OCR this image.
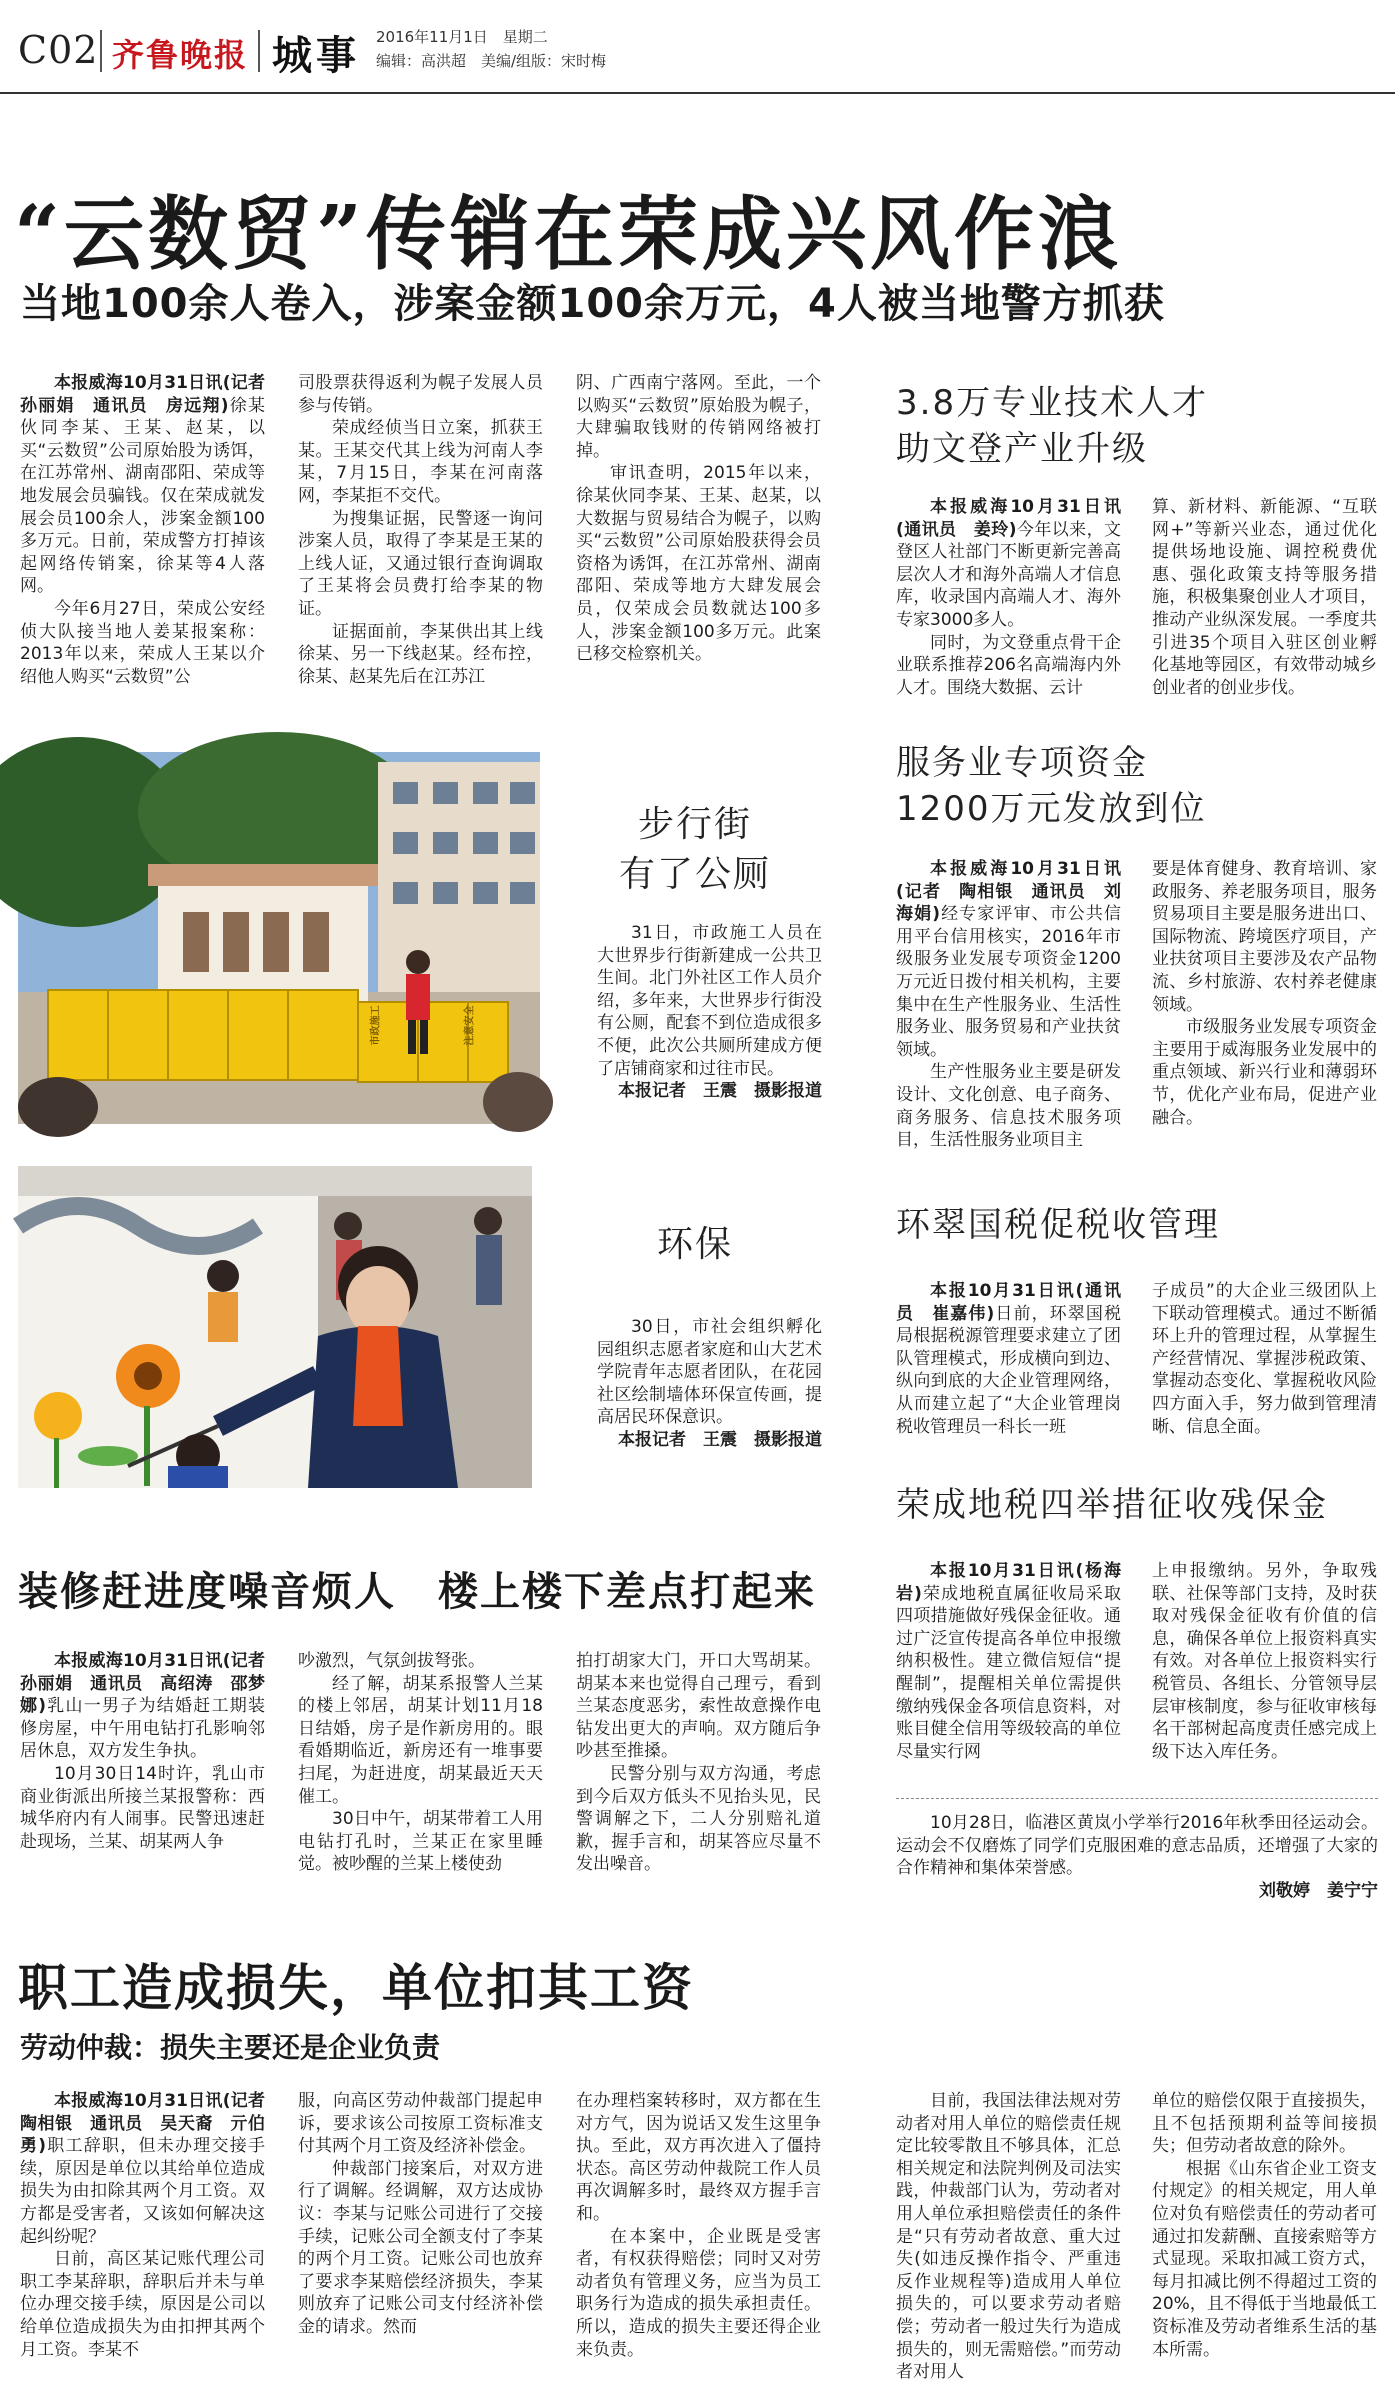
C02 齐鲁晚报 城事 2016年11月1日　星期二
编辑：高洪超　美编/组版：宋时梅
“云数贸”传销在荣成兴风作浪
当地100余人卷入，涉案金额100余万元，4人被当地警方抓获
本报威海10月31日讯(记者　孙丽娟　通讯员　房远翔)徐某伙同李某、王某、赵某，以买“云数贸”公司原始股为诱饵，在江苏常州、湖南邵阳、荣成等地发展会员骗钱。仅在荣成就发展会员100余人，涉案金额100多万元。日前，荣成警方打掉该起网络传销案，徐某等4人落网。
今年6月27日，荣成公安经侦大队接当地人姜某报案称：2013年以来，荣成人王某以介绍他人购买“云数贸”公
司股票获得返利为幌子发展人员参与传销。
荣成经侦当日立案，抓获王某。王某交代其上线为河南人李某，7月15日，李某在河南落网，李某拒不交代。
为搜集证据，民警逐一询问涉案人员，取得了李某是王某的上线人证，又通过银行查询调取了王某将会员费打给李某的物证。
证据面前，李某供出其上线徐某、另一下线赵某。经布控，徐某、赵某先后在江苏江
阴、广西南宁落网。至此，一个以购买“云数贸”原始股为幌子，大肆骗取钱财的传销网络被打掉。
审讯查明，2015年以来，徐某伙同李某、王某、赵某，以大数据与贸易结合为幌子，以购买“云数贸”公司原始股获得会员资格为诱饵，在江苏常州、湖南邵阳、荣成等地方大肆发展会员，仅荣成会员数就达100多人，涉案金额100多万元。此案已移交检察机关。
3.8万专业技术人才
助文登产业升级
本报威海10月31日讯(通讯员　姜玲)今年以来，文登区人社部门不断更新完善高层次人才和海外高端人才信息库，收录国内高端人才、海外专家3000多人。
同时，为文登重点骨干企业联系推荐206名高端海内外人才。围绕大数据、云计
算、新材料、新能源、“互联网+”等新兴业态，通过优化提供场地设施、调控税费优惠、强化政策支持等服务措施，积极集聚创业人才项目，推动产业纵深发展。一季度共引进35个项目入驻区创业孵化基地等园区，有效带动城乡创业者的创业步伐。
市政施工	注意安全
步行街
有了公厕
31日，市政施工人员在大世界步行街新建成一公共卫生间。北门外社区工作人员介绍，多年来，大世界步行街没有公厕，配套不到位造成很多不便，此次公共厕所建成方便了店铺商家和过往市民。
本报记者　王震　摄影报道
环保
30日，市社会组织孵化园组织志愿者家庭和山大艺术学院青年志愿者团队，在花园社区绘制墙体环保宣传画，提高居民环保意识。
本报记者　王震　摄影报道
服务业专项资金
1200万元发放到位
本报威海10月31日讯(记者　陶相银　通讯员　刘海娟)经专家评审、市公共信用平台信用核实，2016年市级服务业发展专项资金1200万元近日拨付相关机构，主要集中在生产性服务业、生活性服务业、服务贸易和产业扶贫领域。
生产性服务业主要是研发设计、文化创意、电子商务、商务服务、信息技术服务项目，生活性服务业项目主
要是体育健身、教育培训、家政服务、养老服务项目，服务贸易项目主要是服务进出口、国际物流、跨境医疗项目，产业扶贫项目主要涉及农产品物流、乡村旅游、农村养老健康领域。
市级服务业发展专项资金主要用于威海服务业发展中的重点领域、新兴行业和薄弱环节，优化产业布局，促进产业融合。
环翠国税促税收管理
本报10月31日讯(通讯员　崔嘉伟)日前，环翠国税局根据税源管理要求建立了团队管理模式，形成横向到边、纵向到底的大企业管理网络，从而建立起了“大企业管理岗税收管理员一科长一班
子成员”的大企业三级团队上下联动管理模式。通过不断循环上升的管理过程，从掌握生产经营情况、掌握涉税政策、掌握动态变化、掌握税收风险四方面入手，努力做到管理清晰、信息全面。
荣成地税四举措征收残保金
本报10月31日讯(杨海岩)荣成地税直属征收局采取四项措施做好残保金征收。通过广泛宣传提高各单位申报缴纳积极性。建立微信短信“提醒制”，提醒相关单位需提供缴纳残保金各项信息资料，对账目健全信用等级较高的单位尽量实行网
上申报缴纳。另外，争取残联、社保等部门支持，及时获取对残保金征收有价值的信息，确保各单位上报资料真实有效。对各单位上报资料实行税管员、各组长、分管领导层层审核制度，参与征收审核每名干部树起高度责任感完成上级下达入库任务。
10月28日，临港区黄岚小学举行2016年秋季田径运动会。运动会不仅磨炼了同学们克服困难的意志品质，还增强了大家的合作精神和集体荣誉感。
刘敬婷　姜宁宁
装修赶进度噪音烦人　楼上楼下差点打起来
本报威海10月31日讯(记者　孙丽娟　通讯员　高绍涛　邵梦娜)乳山一男子为结婚赶工期装修房屋，中午用电钻打孔影响邻居休息，双方发生争执。
10月30日14时许，乳山市商业街派出所接兰某报警称：西城华府内有人闹事。民警迅速赶赴现场，兰某、胡某两人争
吵激烈，气氛剑拔弩张。
经了解，胡某系报警人兰某的楼上邻居，胡某计划11月18日结婚，房子是作新房用的。眼看婚期临近，新房还有一堆事要扫尾，为赶进度，胡某最近天天催工。
30日中午，胡某带着工人用电钻打孔时，兰某正在家里睡觉。被吵醒的兰某上楼使劲
拍打胡家大门，开口大骂胡某。胡某本来也觉得自己理亏，看到兰某态度恶劣，索性故意操作电钻发出更大的声响。双方随后争吵甚至推搡。
民警分别与双方沟通，考虑到今后双方低头不见抬头见，民警调解之下，二人分别赔礼道歉，握手言和，胡某答应尽量不发出噪音。
职工造成损失，单位扣其工资
劳动仲裁：损失主要还是企业负责
本报威海10月31日讯(记者　陶相银　通讯员　吴天裔　亓伯勇)职工辞职，但未办理交接手续，原因是单位以其给单位造成损失为由扣除其两个月工资。双方都是受害者，又该如何解决这起纠纷呢？
日前，高区某记账代理公司职工李某辞职，辞职后并未与单位办理交接手续，原因是公司以给单位造成损失为由扣押其两个月工资。李某不
服，向高区劳动仲裁部门提起申诉，要求该公司按原工资标准支付其两个月工资及经济补偿金。
仲裁部门接案后，对双方进行了调解。经调解，双方达成协议：李某与记账公司进行了交接手续，记账公司全额支付了李某的两个月工资。记账公司也放弃了要求李某赔偿经济损失，李某则放弃了记账公司支付经济补偿金的请求。然而
在办理档案转移时，双方都在生对方气，因为说话又发生这里争执。至此，双方再次进入了僵持状态。高区劳动仲裁院工作人员再次调解多时，最终双方握手言和。
在本案中，企业既是受害者，有权获得赔偿；同时又对劳动者负有管理义务，应当为员工职务行为造成的损失承担责任。所以，造成的损失主要还得企业来负责。
目前，我国法律法规对劳动者对用人单位的赔偿责任规定比较零散且不够具体，汇总相关规定和法院判例及司法实践，仲裁部门认为，劳动者对用人单位承担赔偿责任的条件是“只有劳动者故意、重大过失(如违反操作指令、严重违反作业规程等)造成用人单位损失的，可以要求劳动者赔偿；劳动者一般过失行为造成损失的，则无需赔偿。”而劳动者对用人
单位的赔偿仅限于直接损失，且不包括预期利益等间接损失；但劳动者故意的除外。
根据《山东省企业工资支付规定》的相关规定，用人单位对负有赔偿责任的劳动者可通过扣发薪酬、直接索赔等方式显现。采取扣减工资方式，每月扣减比例不得超过工资的20%，且不得低于当地最低工资标准及劳动者维系生活的基本所需。
